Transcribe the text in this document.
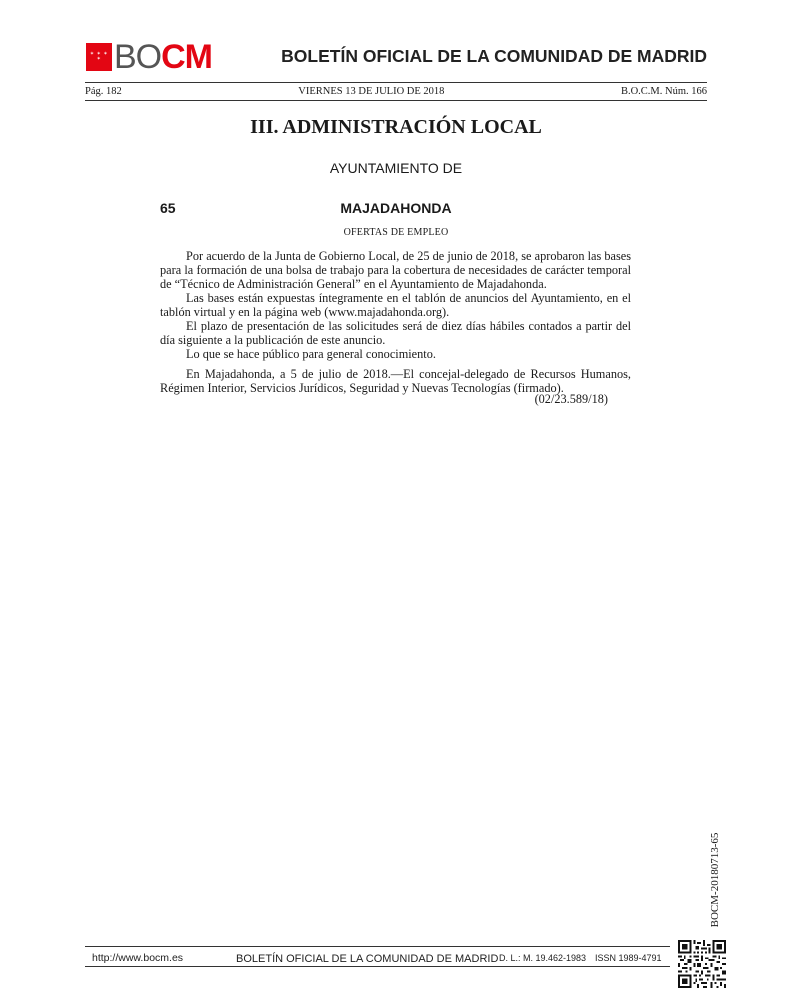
✶ ✶ ✶ ✶ BOCM	BOLETÍN OFICIAL DE LA COMUNIDAD DE MADRID
Pág. 182	VIERNES 13 DE JULIO DE 2018	B.O.C.M. Núm. 166
III. ADMINISTRACIÓN LOCAL
AYUNTAMIENTO DE
65	MAJADAHONDA
OFERTAS DE EMPLEO

Por acuerdo de la Junta de Gobierno Local, de 25 de junio de 2018, se aprobaron las bases para la formación de una bolsa de trabajo para la cobertura de necesidades de carácter temporal de “Técnico de Administración General” en el Ayuntamiento de Majadahonda.

Las bases están expuestas íntegramente en el tablón de anuncios del Ayuntamiento, en el tablón virtual y en la página web (www.majadahonda.org).

El plazo de presentación de las solicitudes será de diez días hábiles contados a partir del día siguiente a la publicación de este anuncio.

Lo que se hace público para general conocimiento.

En Majadahonda, a 5 de julio de 2018.—El concejal-delegado de Recursos Humanos, Régimen Interior, Servicios Jurídicos, Seguridad y Nuevas Tecnologías (firmado).

(02/23.589/18)
BOCM-20180713-65
http://www.bocm.es	BOLETÍN OFICIAL DE LA COMUNIDAD DE MADRID D. L.: M. 19.462-1983 ISSN 1989-4791
